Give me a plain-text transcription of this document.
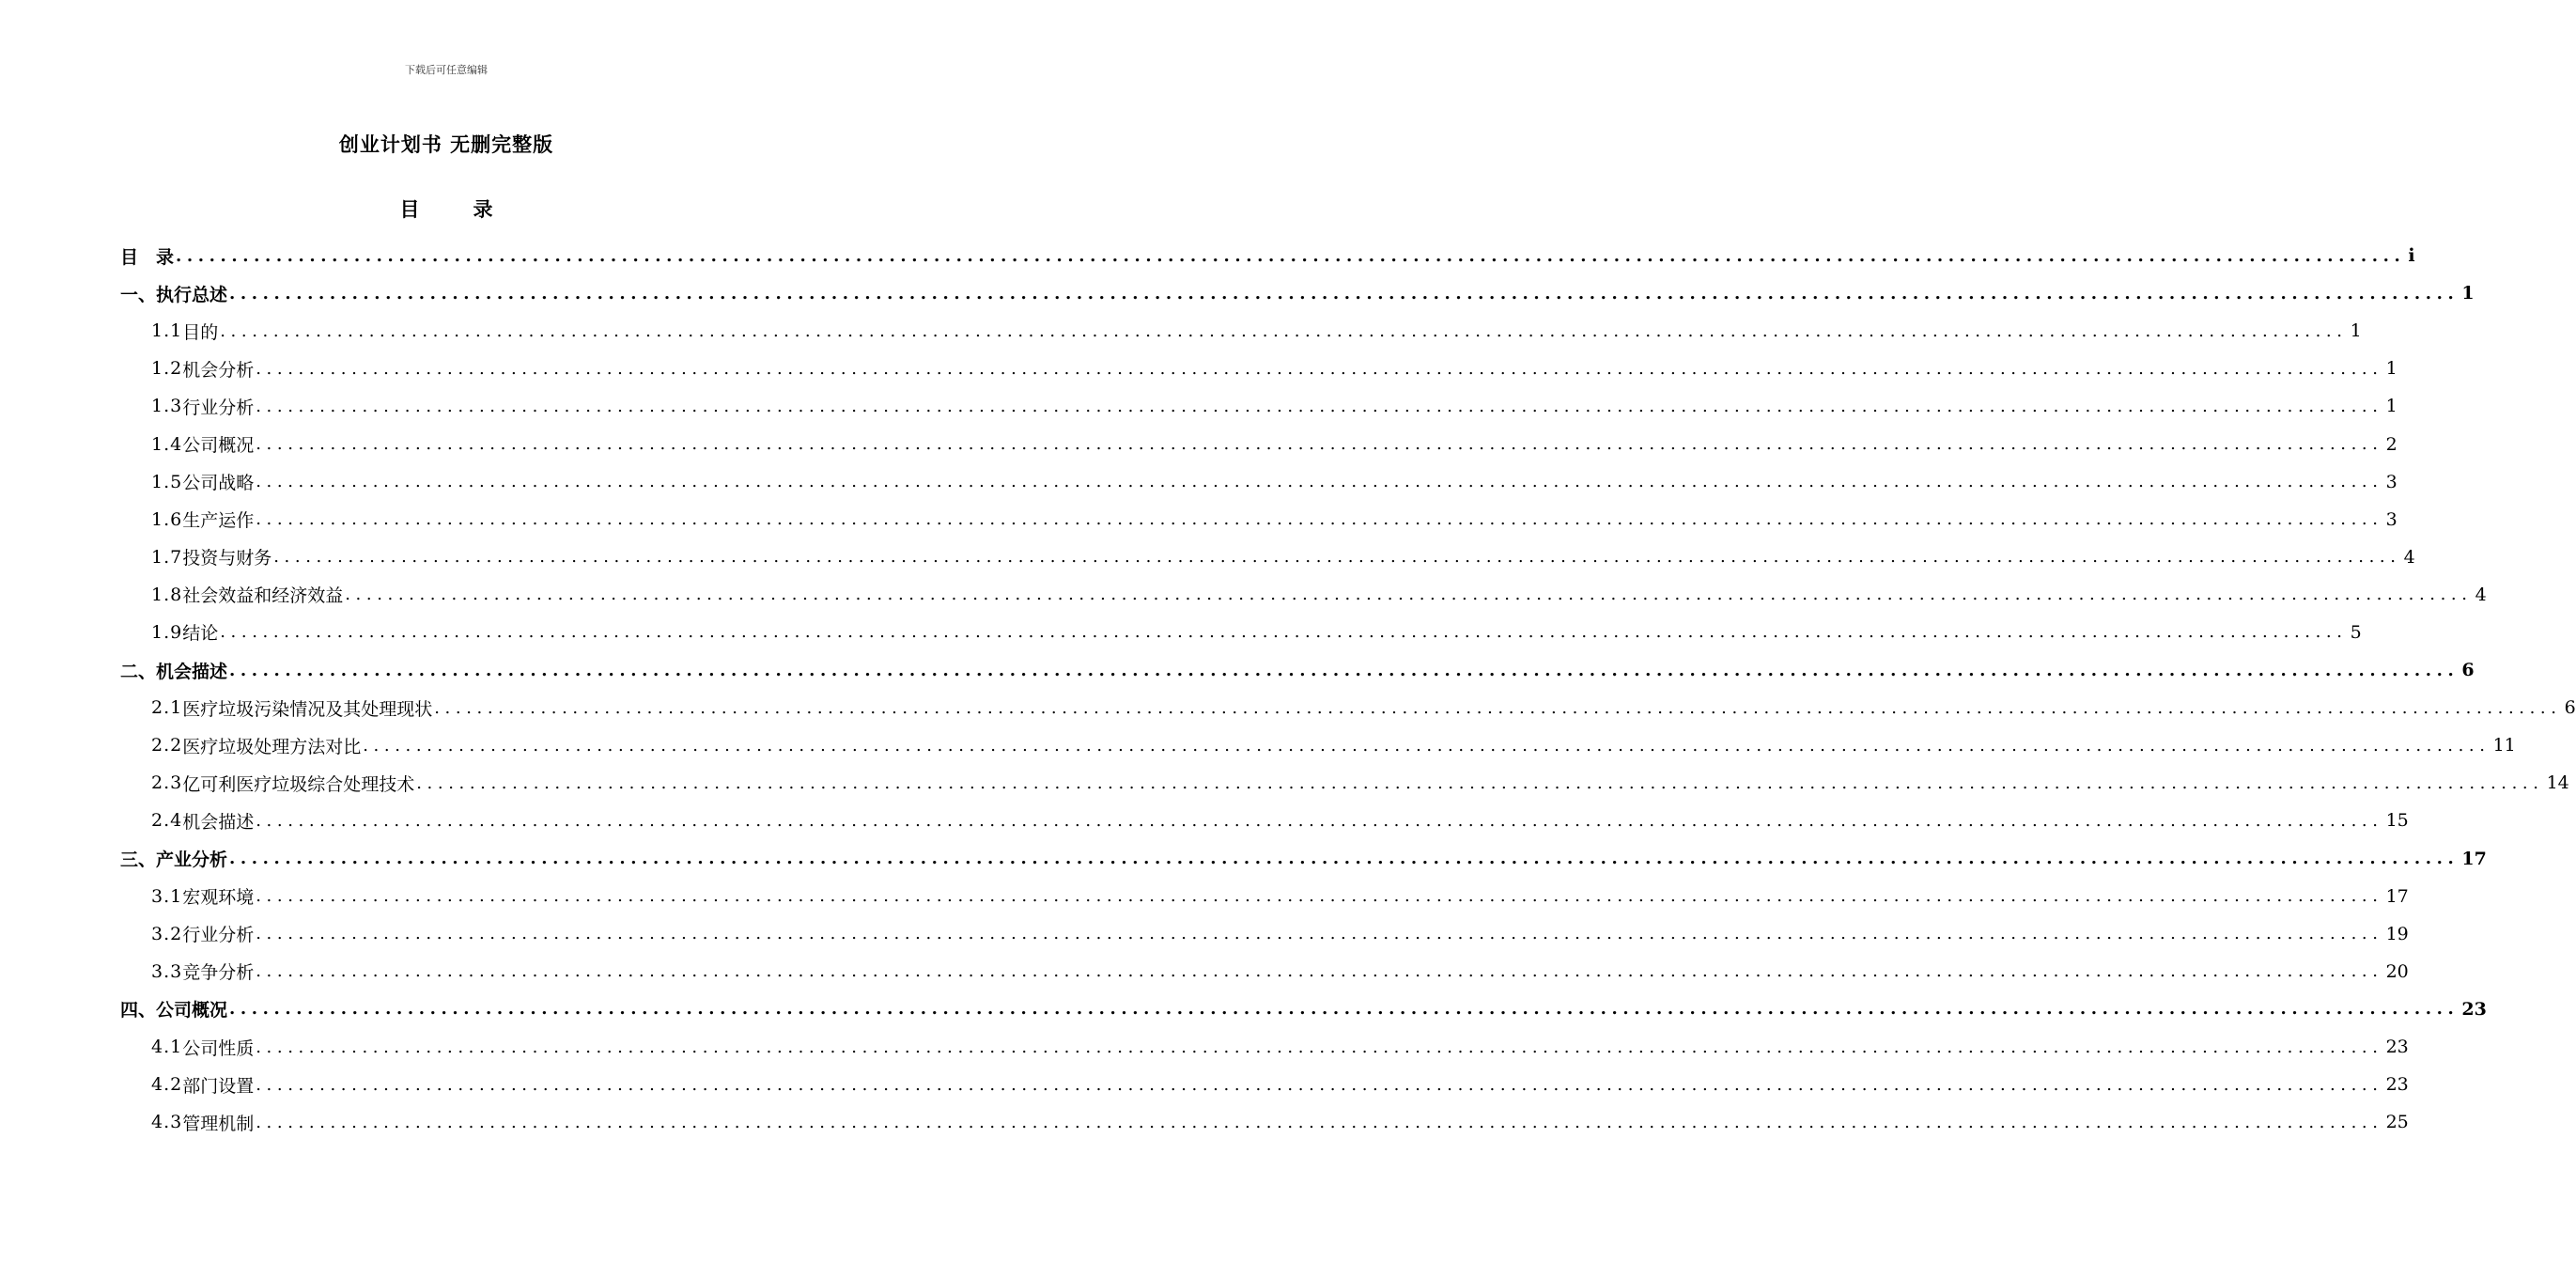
下载后可任意编辑
创业计划书 无删完整版
目　录
目　录 ........................................................................................................................................................................................................ i
一、 执行总述 ........................................................................................................................................................................................................ 1
1.1 目的 ........................................................................................................................................................................................................ 1
1.2 机会分析 ........................................................................................................................................................................................................ 1
1.3 行业分析 ........................................................................................................................................................................................................ 1
1.4 公司概况 ........................................................................................................................................................................................................ 2
1.5 公司战略 ........................................................................................................................................................................................................ 3
1.6 生产运作 ........................................................................................................................................................................................................ 3
1.7 投资与财务 ........................................................................................................................................................................................................ 4
1.8 社会效益和经济效益 ........................................................................................................................................................................................................ 4
1.9 结论 ........................................................................................................................................................................................................ 5
二、 机会描述 ........................................................................................................................................................................................................ 6
2.1 医疗垃圾污染情况及其处理现状 ........................................................................................................................................................................................................ 6
2.2 医疗垃圾处理方法对比 ........................................................................................................................................................................................................ 11
2.3 亿可利医疗垃圾综合处理技术 ........................................................................................................................................................................................................ 14
2.4 机会描述 ........................................................................................................................................................................................................ 15
三、 产业分析 ........................................................................................................................................................................................................ 17
3.1 宏观环境 ........................................................................................................................................................................................................ 17
3.2 行业分析 ........................................................................................................................................................................................................ 19
3.3 竞争分析 ........................................................................................................................................................................................................ 20
四、 公司概况 ........................................................................................................................................................................................................ 23
4.1 公司性质 ........................................................................................................................................................................................................ 23
4.2 部门设置 ........................................................................................................................................................................................................ 23
4.3 管理机制 ........................................................................................................................................................................................................ 25
